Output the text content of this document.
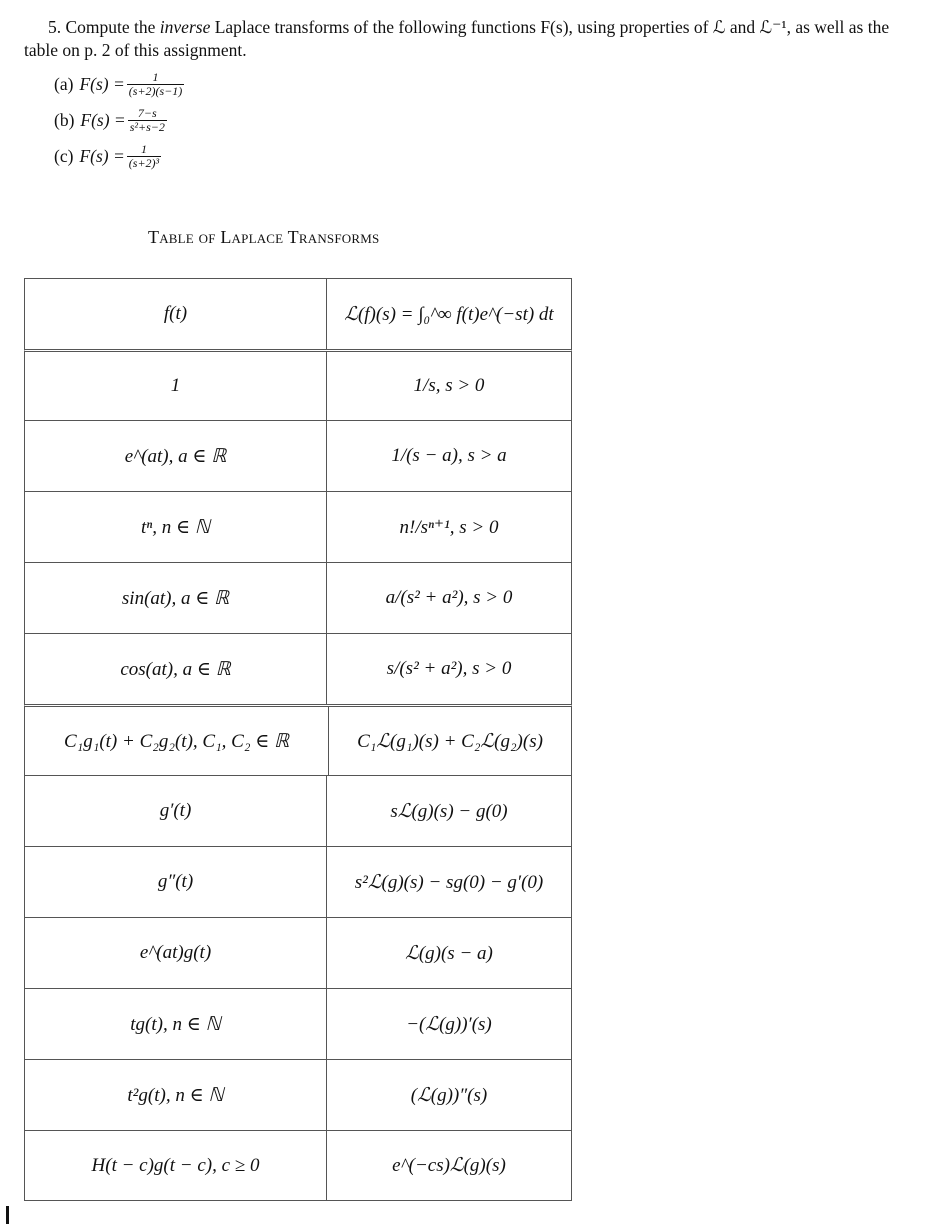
5. Compute the inverse Laplace transforms of the following functions F(s), using properties of ℒ and ℒ⁻¹, as well as the table on p. 2 of this assignment.

(a) $F(s) = \frac{1}{(s+2)(s-1)}$
(b) $F(s) = \frac{7-s}{\text{s²+s−2}}$
(c) $F(s) = \frac{1}{\text{(s+2)³}}$
Table of Laplace Transforms
f(t)	ℒ(f)(s) = ∫₀^∞ f(t)e^(−st) dt
1	1/s, s > 0
e^(at), a ∈ ℝ	1/(s − a), s > a
tⁿ, n ∈ ℕ	n!/sⁿ⁺¹, s > 0
sin(at), a ∈ ℝ	a/(s² + a²), s > 0
cos(at), a ∈ ℝ	s/(s² + a²), s > 0
C₁g₁(t) + C₂g₂(t), C₁, C₂ ∈ ℝ	C₁ℒ(g₁)(s) + C₂ℒ(g₂)(s)
g′(t)	sℒ(g)(s) − g(0)
g″(t)	s²ℒ(g)(s) − sg(0) − g′(0)
e^(at)g(t)	ℒ(g)(s − a)
tg(t), n ∈ ℕ	−(ℒ(g))′(s)
t²g(t), n ∈ ℕ	(ℒ(g))″(s)
H(t − c)g(t − c), c ≥ 0	e^(−cs)ℒ(g)(s)
